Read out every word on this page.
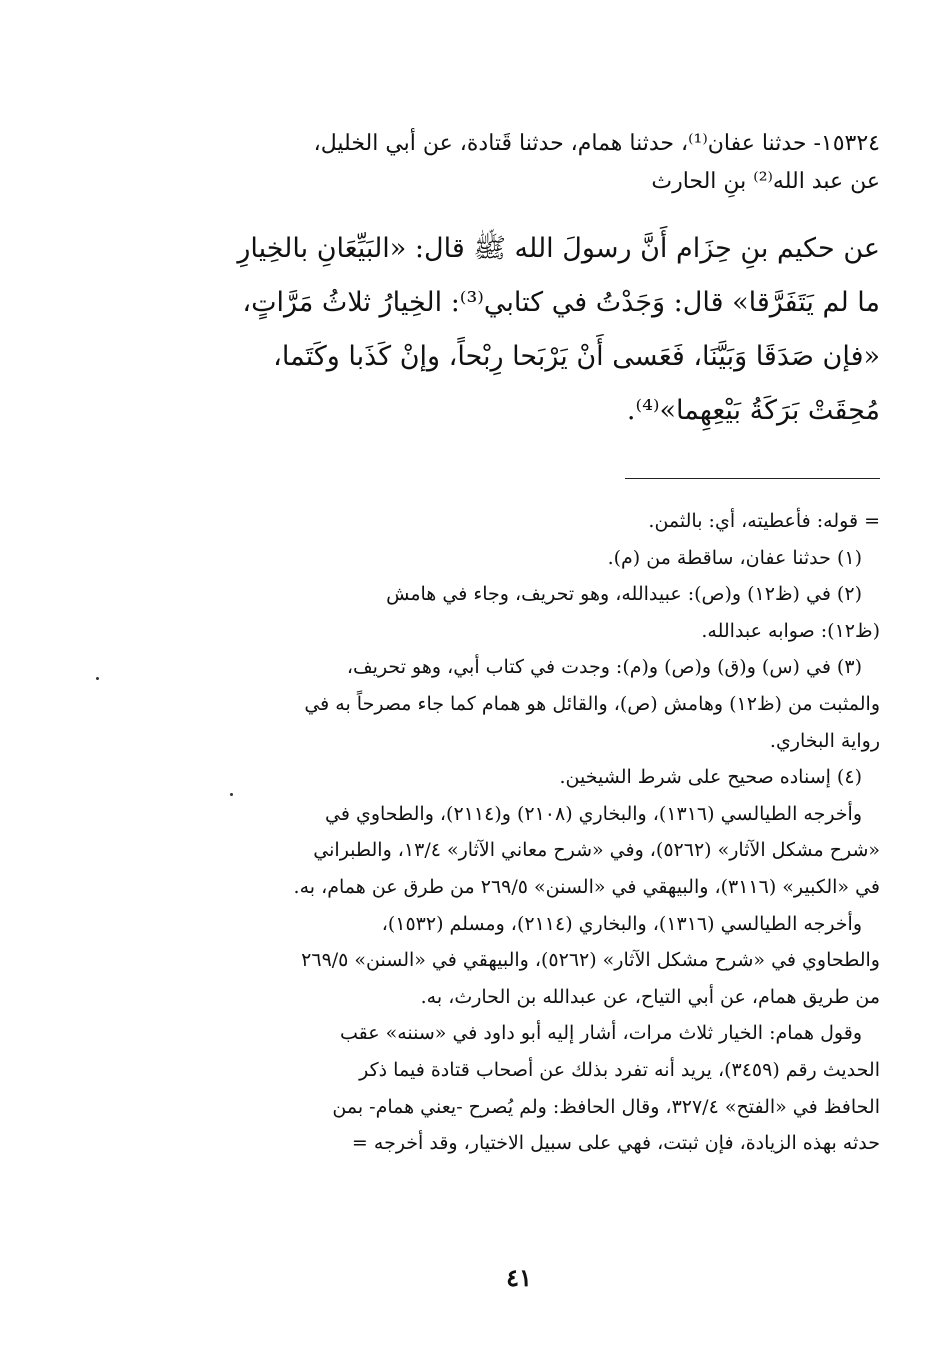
١٥٣٢٤- حدثنا عفان⁽¹⁾، حدثنا همام، حدثنا قَتادة، عن أبي الخليل،
عن عبد الله⁽²⁾ بنِ الحارث
عن حكيم بنِ حِزَام أَنَّ رسولَ الله ﷺ قال: «البَيِّعَانِ بالخِيارِ
ما لم يَتَفَرَّقا» قال: وَجَدْتُ في كتابي⁽³⁾: الخِيارُ ثلاثُ مَرَّاتٍ،
«فإن صَدَقَا وَبَيَّنَا، فَعَسى أَنْ يَرْبَحا رِبْحاً، وإنْ كَذَبا وكَتَما،
مُحِقَتْ بَرَكَةُ بَيْعِهِما»⁽⁴⁾.
= قوله: فأعطيته، أي: بالثمن.
(١) حدثنا عفان، ساقطة من (م).
(٢) في (ظ١٢) و(ص): عبيدالله، وهو تحريف، وجاء في هامش
(ظ١٢): صوابه عبدالله.
(٣) في (س) و(ق) و(ص) و(م): وجدت في كتاب أبي، وهو تحريف،
والمثبت من (ظ١٢) وهامش (ص)، والقائل هو همام كما جاء مصرحاً به في
رواية البخاري.
(٤) إسناده صحيح على شرط الشيخين.
وأخرجه الطيالسي (١٣١٦)، والبخاري (٢١٠٨) و(٢١١٤)، والطحاوي في
«شرح مشكل الآثار» (٥٢٦٢)، وفي «شرح معاني الآثار» ١٣/٤، والطبراني
في «الكبير» (٣١١٦)، والبيهقي في «السنن» ٢٦٩/٥ من طرق عن همام، به.
وأخرجه الطيالسي (١٣١٦)، والبخاري (٢١١٤)، ومسلم (١٥٣٢)،
والطحاوي في «شرح مشكل الآثار» (٥٢٦٢)، والبيهقي في «السنن» ٢٦٩/٥
من طريق همام، عن أبي التياح، عن عبدالله بن الحارث، به.
وقول همام: الخيار ثلاث مرات، أشار إليه أبو داود في «سننه» عقب
الحديث رقم (٣٤٥٩)، يريد أنه تفرد بذلك عن أصحاب قتادة فيما ذكر
الحافظ في «الفتح» ٣٢٧/٤، وقال الحافظ: ولم يُصرح -يعني همام- بمن
حدثه بهذه الزيادة، فإن ثبتت، فهي على سبيل الاختيار، وقد أخرجه =
٤١
